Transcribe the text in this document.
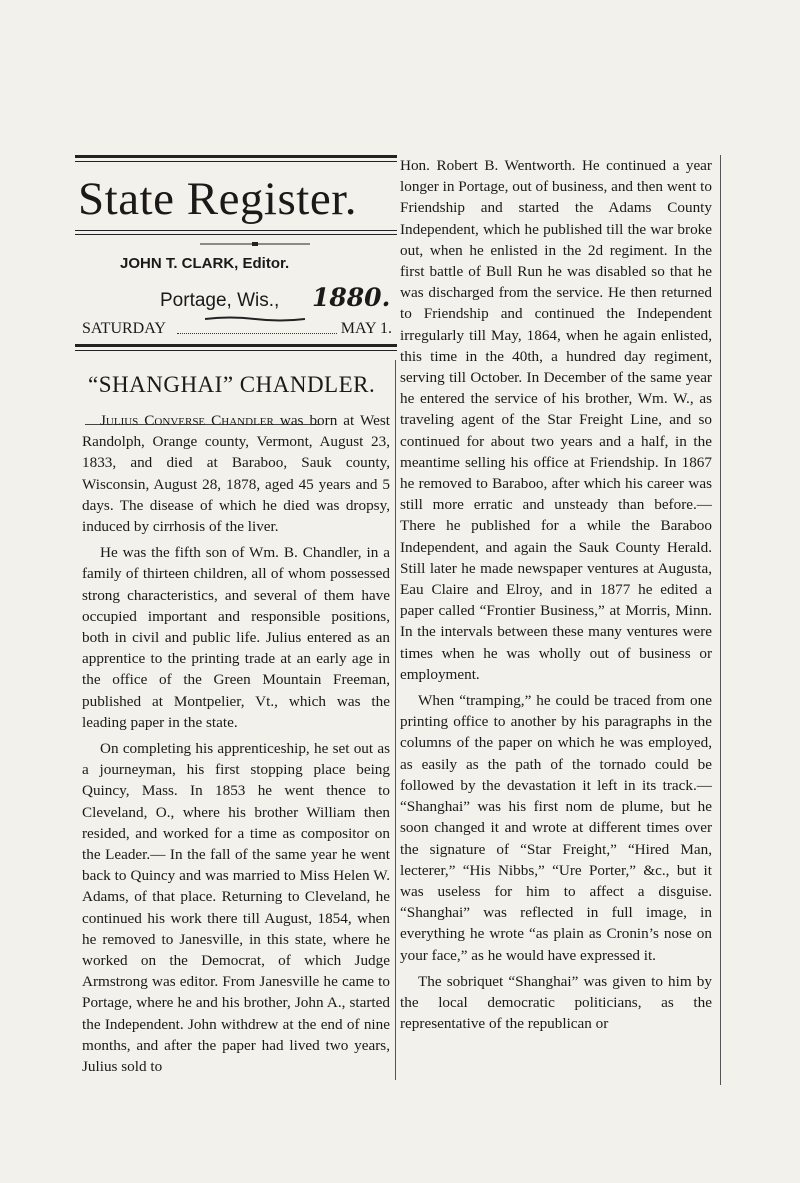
State Register.
JOHN T. CLARK, Editor.
Portage, Wis., 1880.
SATURDAY	MAY 1.
“SHANGHAI” CHANDLER.

Julius Converse Chandler was born at West Randolph, Orange county, Vermont, August 23, 1833, and died at Baraboo, Sauk county, Wisconsin, August 28, 1878, aged 45 years and 5 days. The disease of which he died was dropsy, induced by cirrhosis of the liver.

He was the fifth son of Wm. B. Chandler, in a family of thirteen children, all of whom possessed strong characteristics, and several of them have occupied important and responsible positions, both in civil and public life. Julius entered as an apprentice to the printing trade at an early age in the office of the Green Mountain Freeman, published at Montpelier, Vt., which was the leading paper in the state.

On completing his apprenticeship, he set out as a journeyman, his first stopping place being Quincy, Mass. In 1853 he went thence to Cleveland, O., where his brother William then resided, and worked for a time as compositor on the Leader.— In the fall of the same year he went back to Quincy and was married to Miss Helen W. Adams, of that place. Returning to Cleveland, he continued his work there till August, 1854, when he removed to Janesville, in this state, where he worked on the Democrat, of which Judge Armstrong was editor. From Janesville he came to Portage, where he and his brother, John A., started the Independent. John withdrew at the end of nine months, and after the paper had lived two years, Julius sold to

Hon. Robert B. Wentworth. He continued a year longer in Portage, out of business, and then went to Friendship and started the Adams County Independent, which he published till the war broke out, when he enlisted in the 2d regiment. In the first battle of Bull Run he was disabled so that he was discharged from the service. He then returned to Friendship and continued the Independent irregularly till May, 1864, when he again enlisted, this time in the 40th, a hundred day regiment, serving till October. In December of the same year he entered the service of his brother, Wm. W., as traveling agent of the Star Freight Line, and so continued for about two years and a half, in the meantime selling his office at Friendship. In 1867 he removed to Baraboo, after which his career was still more erratic and unsteady than before.— There he published for a while the Baraboo Independent, and again the Sauk County Herald. Still later he made newspaper ventures at Augusta, Eau Claire and Elroy, and in 1877 he edited a paper called “Frontier Business,” at Morris, Minn. In the intervals between these many ventures were times when he was wholly out of business or employment.

When “tramping,” he could be traced from one printing office to another by his paragraphs in the columns of the paper on which he was employed, as easily as the path of the tornado could be followed by the devastation it left in its track.— “Shanghai” was his first nom de plume, but he soon changed it and wrote at different times over the signature of “Star Freight,” “Hired Man, lecterer,” “His Nibbs,” “Ure Porter,” &c., but it was useless for him to affect a disguise. “Shanghai” was reflected in full image, in everything he wrote “as plain as Cronin’s nose on your face,” as he would have expressed it.

The sobriquet “Shanghai” was given to him by the local democratic politicians, as the representative of the republican or
